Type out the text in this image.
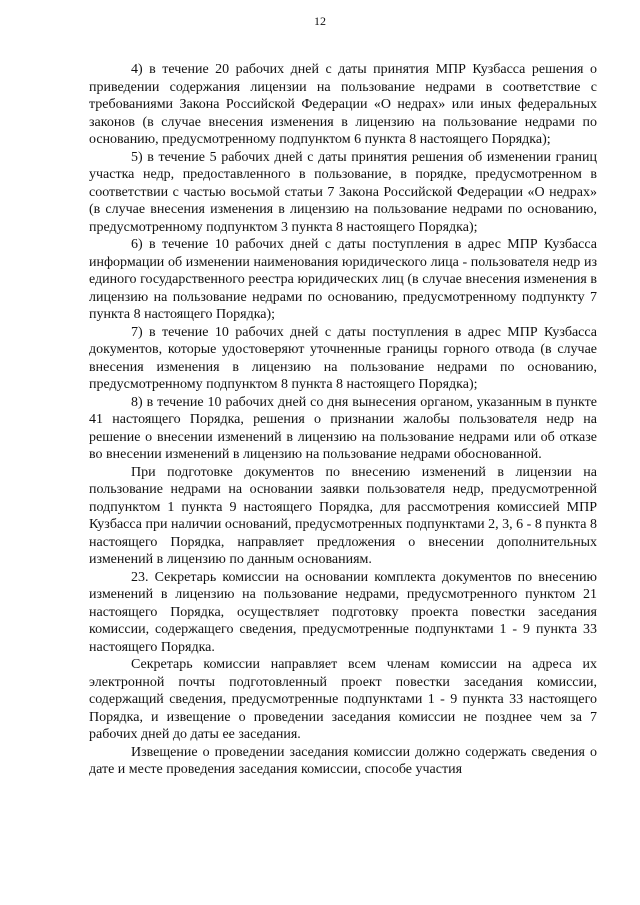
12

4) в течение 20 рабочих дней с даты принятия МПР Кузбасса решения о приведении содержания лицензии на пользование недрами в соответствие с требованиями Закона Российской Федерации «О недрах» или иных федеральных законов (в случае внесения изменения в лицензию на пользование недрами по основанию, предусмотренному подпунктом 6 пункта 8 настоящего Порядка);

5) в течение 5 рабочих дней с даты принятия решения об изменении границ участка недр, предоставленного в пользование, в порядке, предусмотренном в соответствии с частью восьмой статьи 7 Закона Российской Федерации «О недрах» (в случае внесения изменения в лицензию на пользование недрами по основанию, предусмотренному подпунктом 3 пункта 8 настоящего Порядка);

6) в течение 10 рабочих дней с даты поступления в адрес МПР Кузбасса информации об изменении наименования юридического лица - пользователя недр из единого государственного реестра юридических лиц (в случае внесения изменения в лицензию на пользование недрами по основанию, предусмотренному подпункту 7 пункта 8 настоящего Порядка);

7) в течение 10 рабочих дней с даты поступления в адрес МПР Кузбасса документов, которые удостоверяют уточненные границы горного отвода (в случае внесения изменения в лицензию на пользование недрами по основанию, предусмотренному подпунктом 8 пункта 8 настоящего Порядка);

8) в течение 10 рабочих дней со дня вынесения органом, указанным в пункте 41 настоящего Порядка, решения о признании жалобы пользователя недр на решение о внесении изменений в лицензию на пользование недрами или об отказе во внесении изменений в лицензию на пользование недрами обоснованной.

При подготовке документов по внесению изменений в лицензии на пользование недрами на основании заявки пользователя недр, предусмотренной подпунктом 1 пункта 9 настоящего Порядка, для рассмотрения комиссией МПР Кузбасса при наличии оснований, предусмотренных подпунктами 2, 3, 6 - 8 пункта 8 настоящего Порядка, направляет предложения о внесении дополнительных изменений в лицензию по данным основаниям.

23. Секретарь комиссии на основании комплекта документов по внесению изменений в лицензию на пользование недрами, предусмотренного пунктом 21 настоящего Порядка, осуществляет подготовку проекта повестки заседания комиссии, содержащего сведения, предусмотренные подпунктами 1 - 9 пункта 33 настоящего Порядка.

Секретарь комиссии направляет всем членам комиссии на адреса их электронной почты подготовленный проект повестки заседания комиссии, содержащий сведения, предусмотренные подпунктами 1 - 9 пункта 33 настоящего Порядка, и извещение о проведении заседания комиссии не позднее чем за 7 рабочих дней до даты ее заседания.

Извещение о проведении заседания комиссии должно содержать сведения о дате и месте проведения заседания комиссии, способе участия
